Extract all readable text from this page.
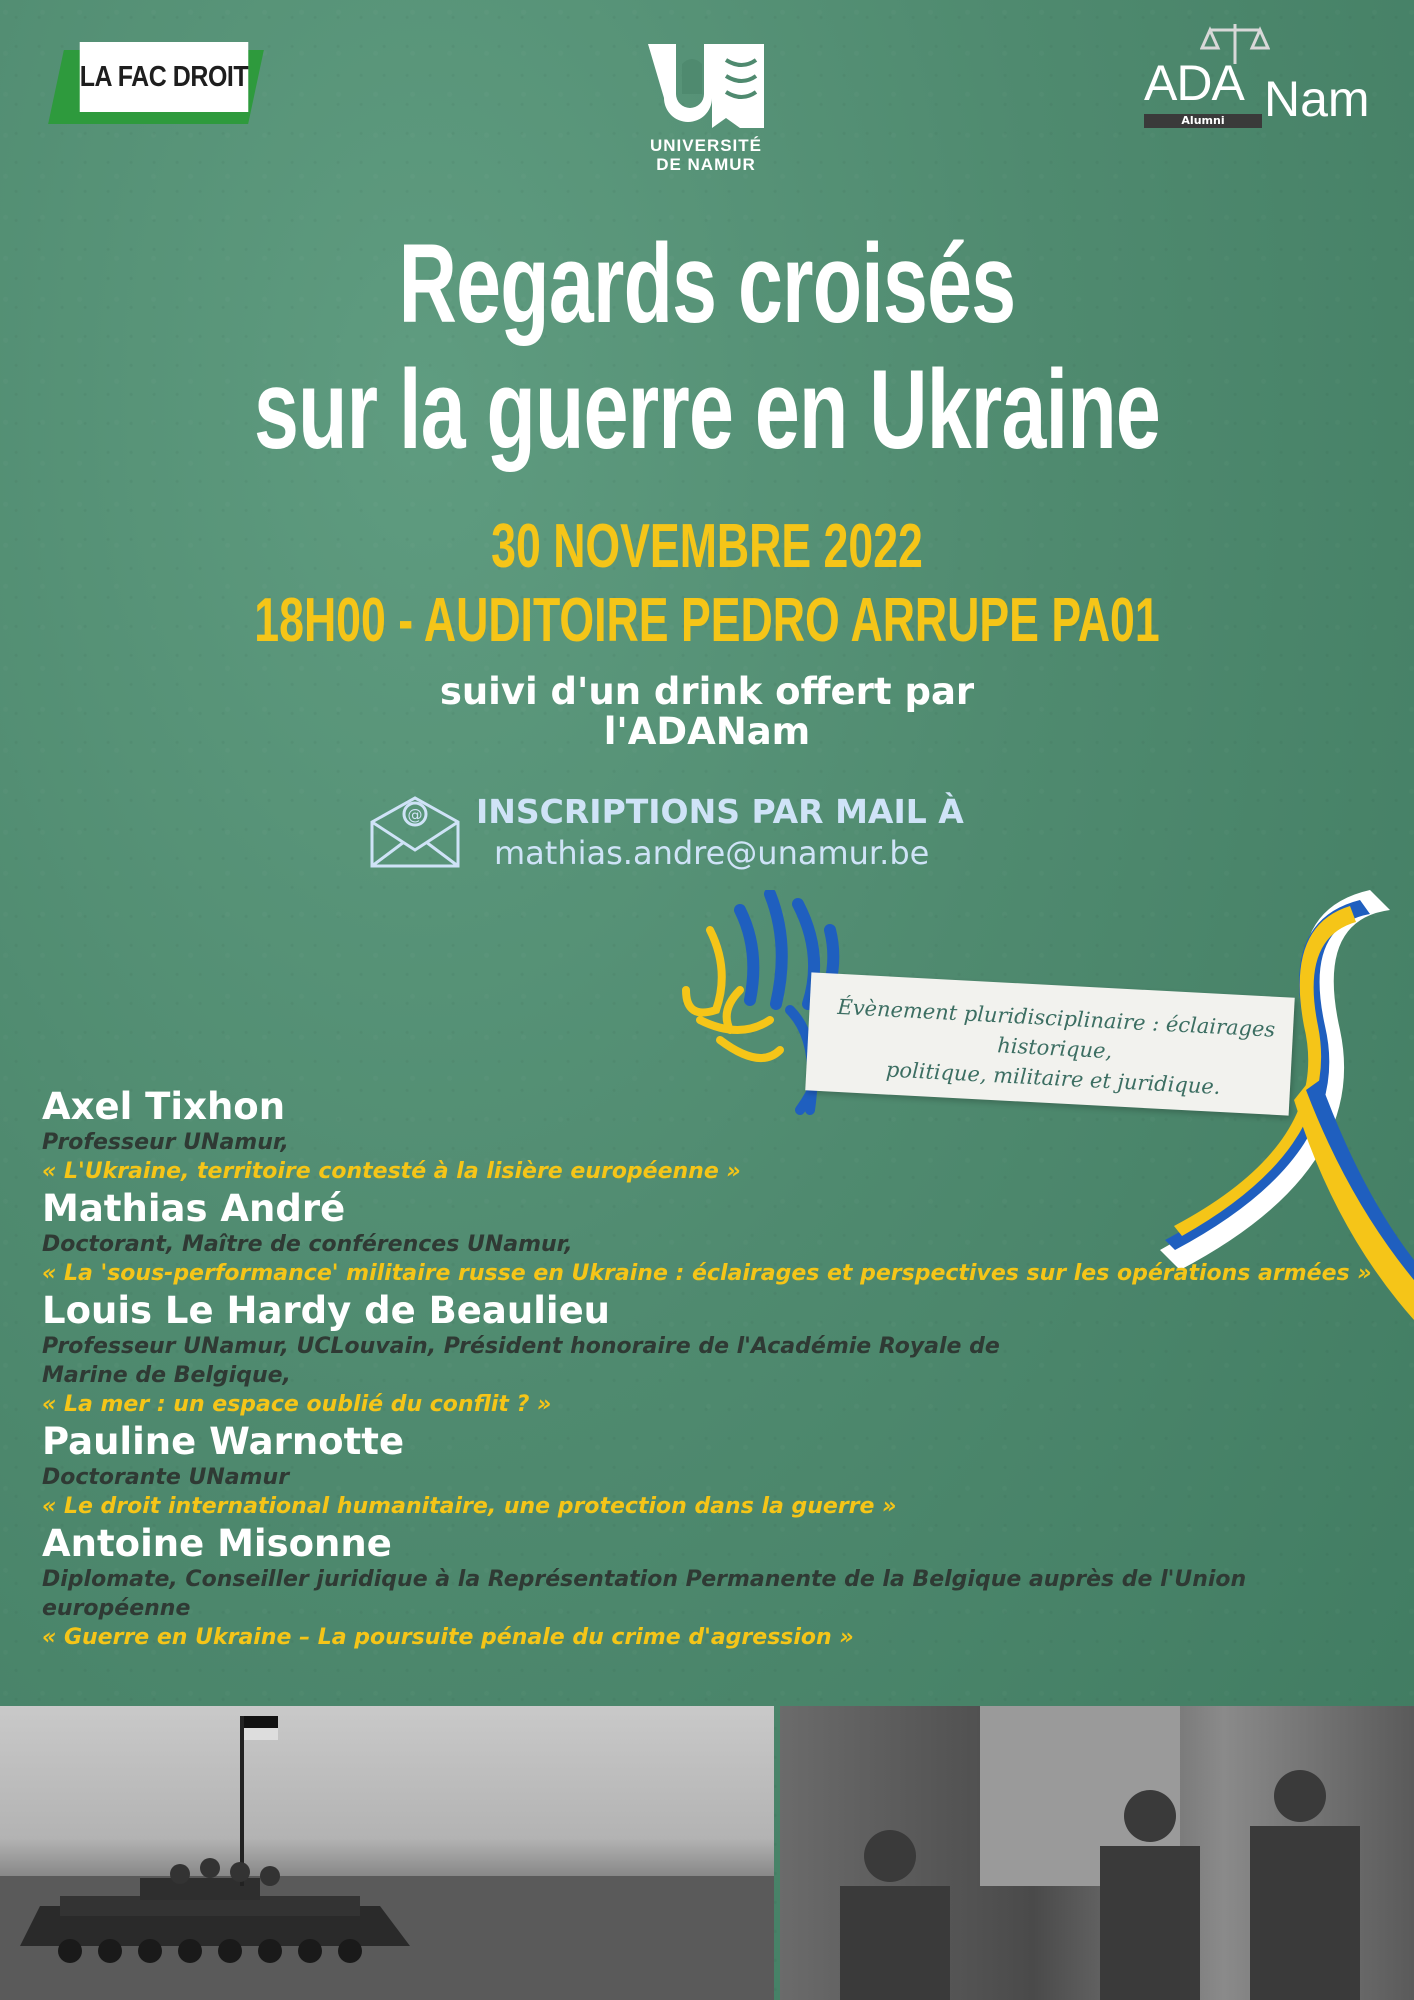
LA FAC DROIT
UNIVERSITÉ
DE NAMUR
ADA Nam
Alumni
Regards croisés
sur la guerre en Ukraine
30 NOVEMBRE 2022
18H00 - AUDITOIRE PEDRO ARRUPE PA01
suivi d'un drink offert par
l'ADANam
@ INSCRIPTIONS PAR MAIL À
mathias.andre@unamur.be
Évènement pluridisciplinaire : éclairages historique,
politique, militaire et juridique.
Axel Tixhon
Professeur UNamur,
« L'Ukraine, territoire contesté à la lisière européenne »
Mathias André
Doctorant, Maître de conférences UNamur,
« La 'sous-performance' militaire russe en Ukraine : éclairages et perspectives sur les opérations armées »
Louis Le Hardy de Beaulieu
Professeur UNamur, UCLouvain, Président honoraire de l'Académie Royale de Marine de Belgique,
« La mer : un espace oublié du conflit ? »
Pauline Warnotte
Doctorante UNamur
« Le droit international humanitaire, une protection dans la guerre »
Antoine Misonne
Diplomate, Conseiller juridique à la Représentation Permanente de la Belgique auprès de l'Union européenne
« Guerre en Ukraine – La poursuite pénale du crime d'agression »
